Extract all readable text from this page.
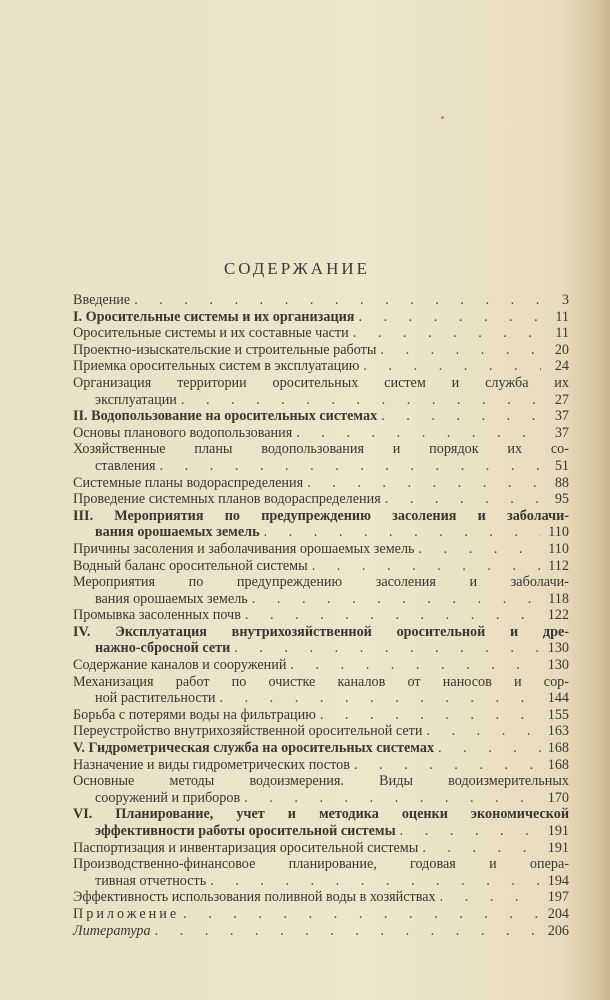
СОДЕРЖАНИЕ
Введение . . .	3
I. Оросительные системы и их организация . . .	11
Оросительные системы и их составные части . . .	11
Проектно-изыскательские и строительные работы . . .	20
Приемка оросительных систем в эксплуатацию . . .	24
Организация территории оросительных систем и служба их
эксплуатации . . .	27
II. Водопользование на оросительных системах . . .	37
Основы планового водопользования . . .	37
Хозяйственные планы водопользования и порядок их со-
ставления . . .	51
Системные планы водораспределения . . .	88
Проведение системных планов водораспределения . . .	95
III. Мероприятия по предупреждению засоления и заболачи-
вания орошаемых земель . . .	110
Причины засоления и заболачивания орошаемых земель . . .	110
Водный баланс оросительной системы . . .	112
Мероприятия по предупреждению засоления и заболачи-
вания орошаемых земель . . .	118
Промывка засоленных почв . . .	122
IV. Эксплуатация внутрихозяйственной оросительной и дре-
нажно-сбросной сети . . .	130
Содержание каналов и сооружений . . .	130
Механизация работ по очистке каналов от наносов и сор-
ной растительности . . .	144
Борьба с потерями воды на фильтрацию . . .	155
Переустройство внутрихозяйственной оросительной сети . . .	163
V. Гидрометрическая служба на оросительных системах . . .	168
Назначение и виды гидрометрических постов . . .	168
Основные методы водоизмерения. Виды водоизмерительных
сооружений и приборов . . .	170
VI. Планирование, учет и методика оценки экономической
эффективности работы оросительной системы . . .	191
Паспортизация и инвентаризация оросительной системы . . .	191
Производственно-финансовое планирование, годовая и опера-
тивная отчетность . . .	194
Эффективность использования поливной воды в хозяйствах . . .	197
Приложение . . .	204
Литература . . .	206
